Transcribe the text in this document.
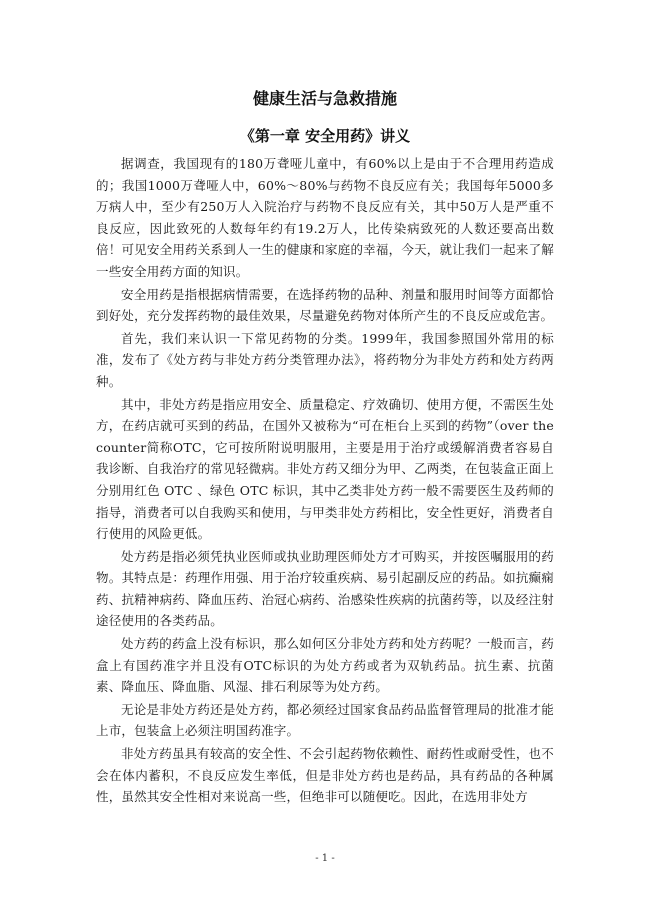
健康生活与急救措施
《第一章 安全用药》讲义

据调查，我国现有的180万聋哑儿童中，有60%以上是由于不合理用药造成的；我国1000万聋哑人中，60%～80%与药物不良反应有关；我国每年5000多万病人中，至少有250万人入院治疗与药物不良反应有关，其中50万人是严重不良反应，因此致死的人数每年约有19.2万人，比传染病致死的人数还要高出数倍！可见安全用药关系到人一生的健康和家庭的幸福，今天，就让我们一起来了解一些安全用药方面的知识。

安全用药是指根据病情需要，在选择药物的品种、剂量和服用时间等方面都恰到好处，充分发挥药物的最佳效果，尽量避免药物对体所产生的不良反应或危害。

首先，我们来认识一下常见药物的分类。1999年，我国参照国外常用的标准，发布了《处方药与非处方药分类管理办法》，将药物分为非处方药和处方药两种。

其中，非处方药是指应用安全、质量稳定、疗效确切、使用方便，不需医生处方，在药店就可买到的药品，在国外又被称为“可在柜台上买到的药物”（over the counter简称OTC，它可按所附说明服用，主要是用于治疗或缓解消费者容易自我诊断、自我治疗的常见轻微病。非处方药又细分为甲、乙两类，在包装盒正面上分别用红色 OTC 、绿色 OTC 标识，其中乙类非处方药一般不需要医生及药师的指导，消费者可以自我购买和使用，与甲类非处方药相比，安全性更好，消费者自行使用的风险更低。

处方药是指必须凭执业医师或执业助理医师处方才可购买，并按医嘱服用的药物。其特点是：药理作用强、用于治疗较重疾病、易引起副反应的药品。如抗癫痫药、抗精神病药、降血压药、治冠心病药、治感染性疾病的抗菌药等，以及经注射途径使用的各类药品。

处方药的药盒上没有标识，那么如何区分非处方药和处方药呢？一般而言，药盒上有国药准字并且没有OTC标识的为处方药或者为双轨药品。抗生素、抗菌素、降血压、降血脂、风湿、排石利尿等为处方药。

无论是非处方药还是处方药，都必须经过国家食品药品监督管理局的批准才能上市，包装盒上必须注明国药准字。

非处方药虽具有较高的安全性、不会引起药物依赖性、耐药性或耐受性，也不会在体内蓄积，不良反应发生率低，但是非处方药也是药品，具有药品的各种属性，虽然其安全性相对来说高一些，但绝非可以随便吃。因此，在选用非处方

- 1 -
